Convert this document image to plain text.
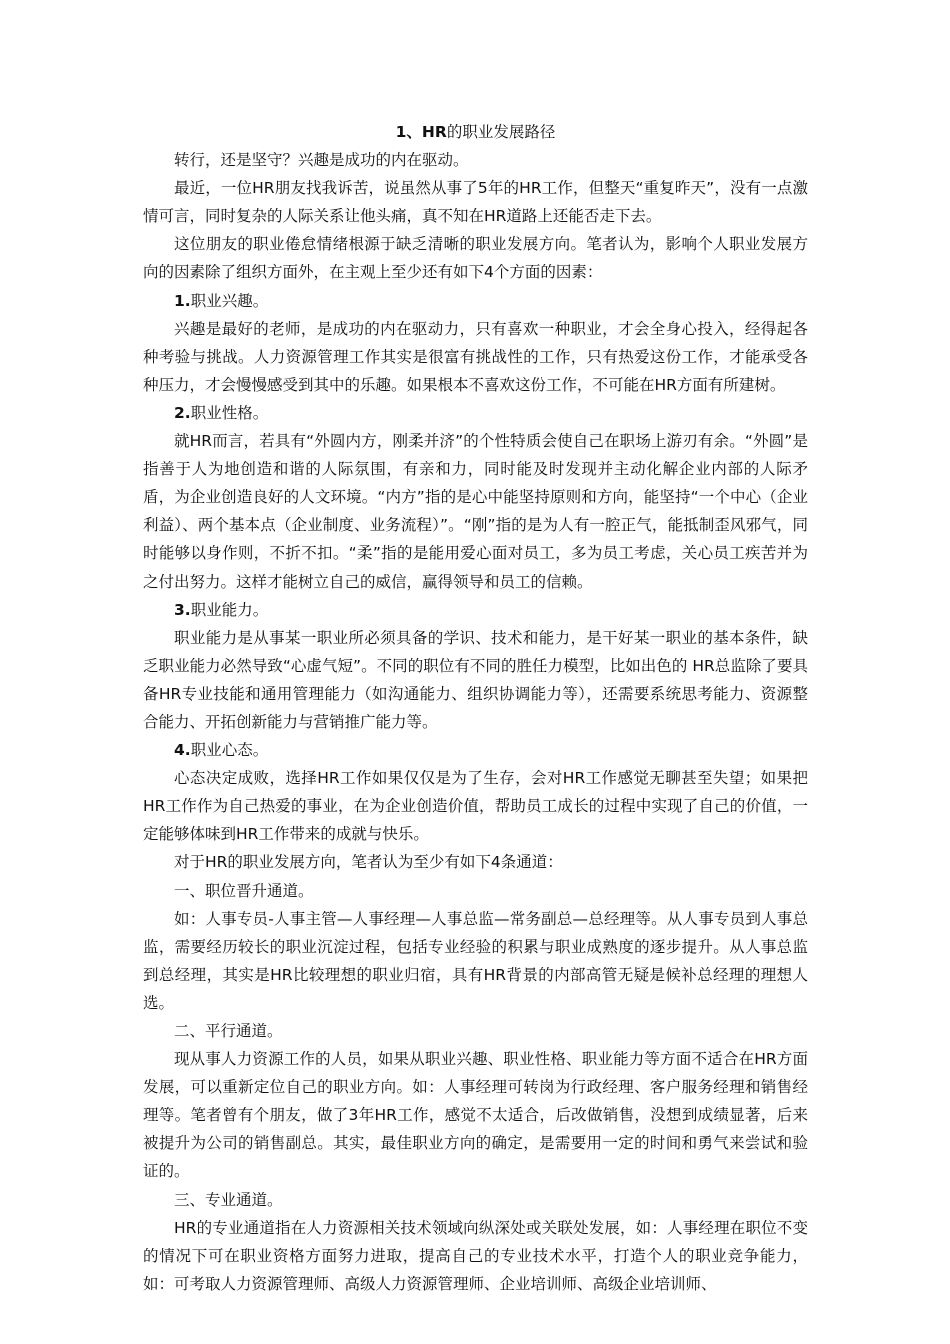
1、HR的职业发展路径

转行，还是坚守？兴趣是成功的内在驱动。

最近，一位HR朋友找我诉苦，说虽然从事了5年的HR工作，但整天“重复昨天”，没有一点激情可言，同时复杂的人际关系让他头痛，真不知在HR道路上还能否走下去。

这位朋友的职业倦怠情绪根源于缺乏清晰的职业发展方向。笔者认为，影响个人职业发展方向的因素除了组织方面外，在主观上至少还有如下4个方面的因素：

1.职业兴趣。

兴趣是最好的老师，是成功的内在驱动力，只有喜欢一种职业，才会全身心投入，经得起各种考验与挑战。人力资源管理工作其实是很富有挑战性的工作，只有热爱这份工作，才能承受各种压力，才会慢慢感受到其中的乐趣。如果根本不喜欢这份工作，不可能在HR方面有所建树。

2.职业性格。

就HR而言，若具有“外圆内方，刚柔并济”的个性特质会使自己在职场上游刃有余。“外圆”是指善于人为地创造和谐的人际氛围，有亲和力，同时能及时发现并主动化解企业内部的人际矛盾，为企业创造良好的人文环境。“内方”指的是心中能坚持原则和方向，能坚持“一个中心（企业利益）、两个基本点（企业制度、业务流程）”。“刚”指的是为人有一腔正气，能抵制歪风邪气，同时能够以身作则，不折不扣。“柔”指的是能用爱心面对员工，多为员工考虑，关心员工疾苦并为之付出努力。这样才能树立自己的威信，赢得领导和员工的信赖。

3.职业能力。

职业能力是从事某一职业所必须具备的学识、技术和能力，是干好某一职业的基本条件，缺乏职业能力必然导致“心虚气短”。不同的职位有不同的胜任力模型，比如出色的 HR总监除了要具备HR专业技能和通用管理能力（如沟通能力、组织协调能力等），还需要系统思考能力、资源整合能力、开拓创新能力与营销推广能力等。

4.职业心态。

心态决定成败，选择HR工作如果仅仅是为了生存，会对HR工作感觉无聊甚至失望；如果把HR工作作为自己热爱的事业，在为企业创造价值，帮助员工成长的过程中实现了自己的价值，一定能够体味到HR工作带来的成就与快乐。

对于HR的职业发展方向，笔者认为至少有如下4条通道：

一、职位晋升通道。

如：人事专员-人事主管—人事经理—人事总监—常务副总—总经理等。从人事专员到人事总监，需要经历较长的职业沉淀过程，包括专业经验的积累与职业成熟度的逐步提升。从人事总监到总经理，其实是HR比较理想的职业归宿，具有HR背景的内部高管无疑是候补总经理的理想人选。

二、平行通道。

现从事人力资源工作的人员，如果从职业兴趣、职业性格、职业能力等方面不适合在HR方面发展，可以重新定位自己的职业方向。如：人事经理可转岗为行政经理、客户服务经理和销售经理等。笔者曾有个朋友，做了3年HR工作，感觉不太适合，后改做销售，没想到成绩显著，后来被提升为公司的销售副总。其实，最佳职业方向的确定，是需要用一定的时间和勇气来尝试和验证的。

三、专业通道。

HR的专业通道指在人力资源相关技术领域向纵深处或关联处发展，如：人事经理在职位不变的情况下可在职业资格方面努力进取，提高自己的专业技术水平，打造个人的职业竞争能力，如：可考取人力资源管理师、高级人力资源管理师、企业培训师、高级企业培训师、
